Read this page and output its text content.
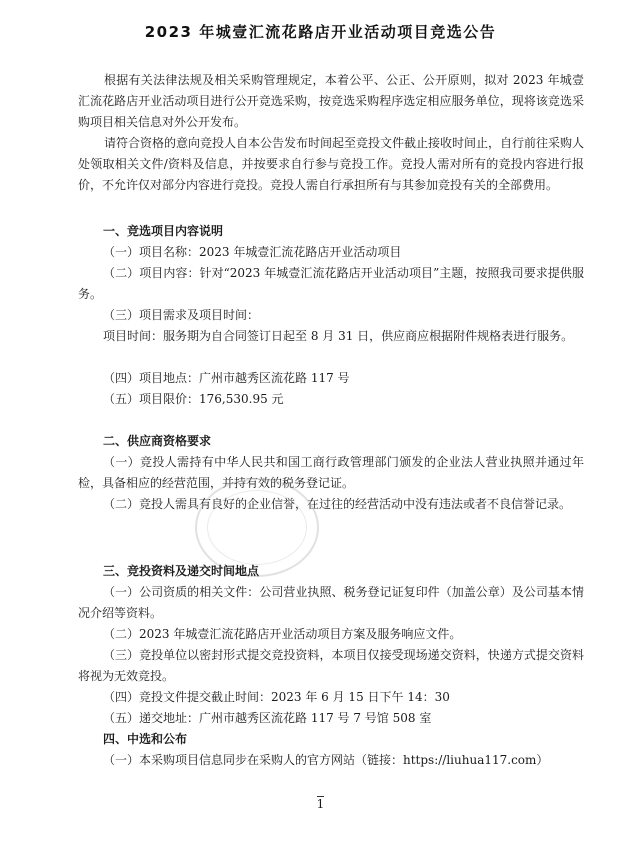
2023 年城壹汇流花路店开业活动项目竞选公告

根据有关法律法规及相关采购管理规定，本着公平、公正、公开原则，拟对 2023 年城壹汇流花路店开业活动项目进行公开竞选采购，按竞选采购程序选定相应服务单位，现将该竞选采购项目相关信息对外公开发布。

请符合资格的意向竞投人自本公告发布时间起至竞投文件截止接收时间止，自行前往采购人处领取相关文件/资料及信息，并按要求自行参与竞投工作。竞投人需对所有的竞投内容进行报价，不允许仅对部分内容进行竞投。竞投人需自行承担所有与其参加竞投有关的全部费用。

一、竞选项目内容说明

（一）项目名称：2023 年城壹汇流花路店开业活动项目

（二）项目内容：针对“2023 年城壹汇流花路店开业活动项目”主题，按照我司要求提供服务。

（三）项目需求及项目时间：

项目时间：服务期为自合同签订日起至 8 月 31 日，供应商应根据附件规格表进行服务。

（四）项目地点：广州市越秀区流花路 117 号

（五）项目限价：176,530.95 元

二、供应商资格要求

（一）竞投人需持有中华人民共和国工商行政管理部门颁发的企业法人营业执照并通过年检，具备相应的经营范围，并持有效的税务登记证。

（二）竞投人需具有良好的企业信誉，在过往的经营活动中没有违法或者不良信誉记录。

三、竞投资料及递交时间地点

（一）公司资质的相关文件：公司营业执照、税务登记证复印件（加盖公章）及公司基本情况介绍等资料。

（二）2023 年城壹汇流花路店开业活动项目方案及服务响应文件。

（三）竞投单位以密封形式提交竞投资料，本项目仅接受现场递交资料，快递方式提交资料将视为无效竞投。

（四）竞投文件提交截止时间：2023 年 6 月 15 日下午 14：30

（五）递交地址：广州市越秀区流花路 117 号 7 号馆 508 室

四、中选和公布

（一）本采购项目信息同步在采购人的官方网站（链接：https://liuhua117.com）

1
